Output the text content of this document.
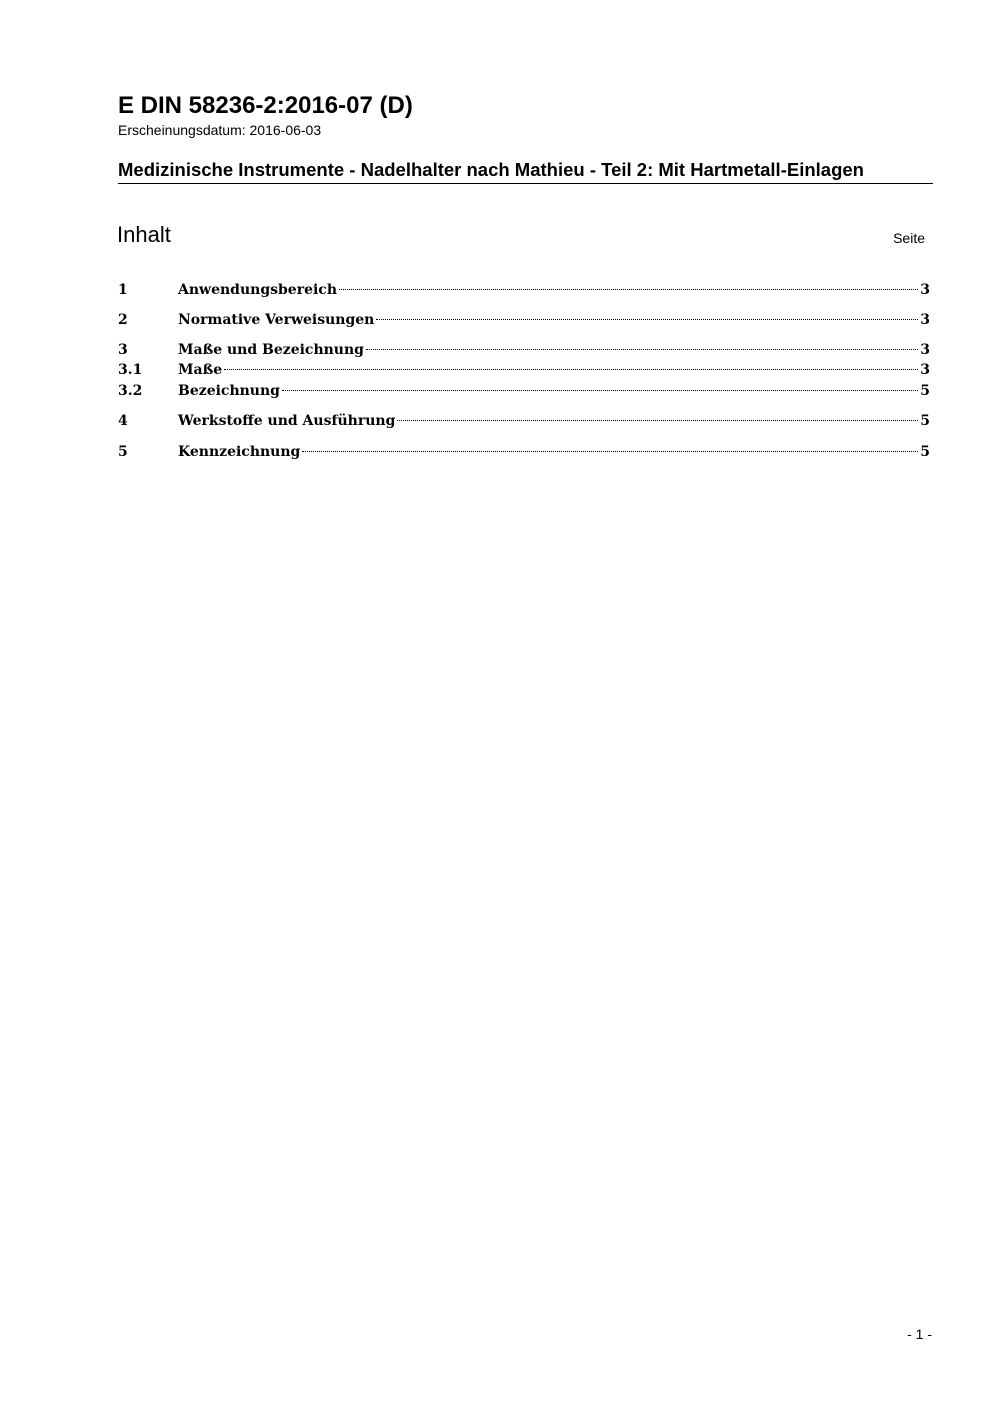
E DIN 58236-2:2016-07 (D)
Erscheinungsdatum: 2016-06-03
Medizinische Instrumente - Nadelhalter nach Mathieu - Teil 2: Mit Hartmetall-Einlagen
Inhalt	Seite
1	Anwendungsbereich	3
2	Normative Verweisungen	3
3	Maße und Bezeichnung	3
3.1	Maße	3
3.2	Bezeichnung	5
4	Werkstoffe und Ausführung	5
5	Kennzeichnung	5
- 1 -
